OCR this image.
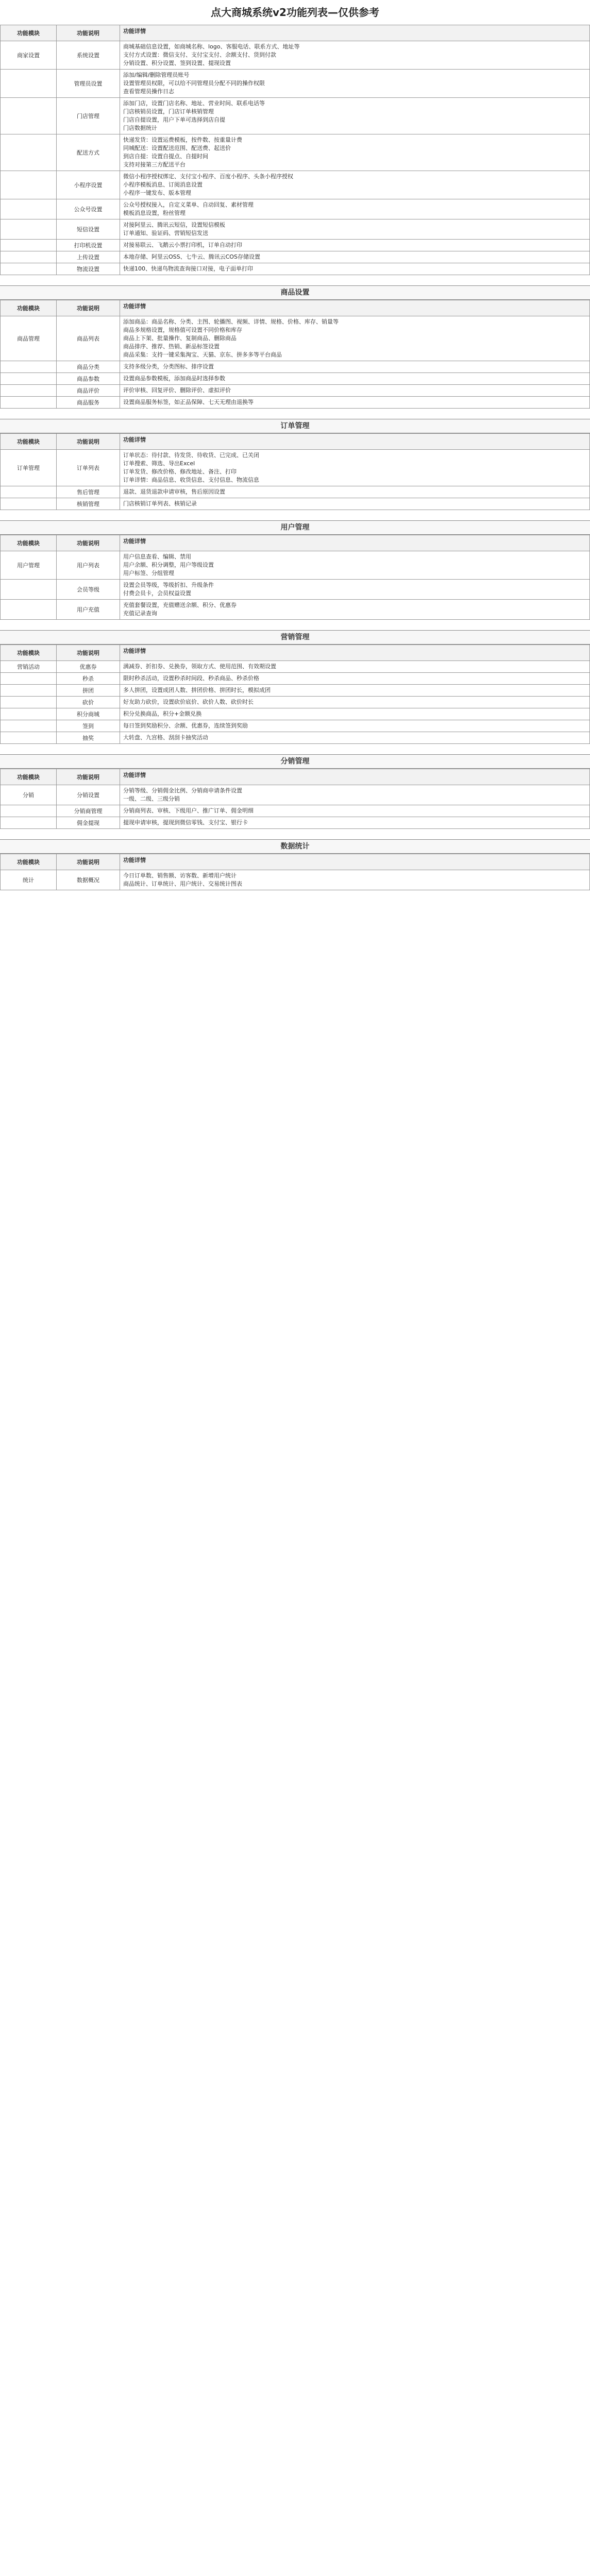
点大商城系统v2功能列表—仅供参考
功能模块	功能说明	功能详情
商家设置	系统设置	商城基础信息设置，如商城名称、logo、客服电话、联系方式、地址等
支付方式设置：微信支付、支付宝支付、余额支付、货到付款
分销设置、积分设置、签到设置、提现设置

	管理员设置	添加/编辑/删除管理员账号
设置管理员权限，可以给不同管理员分配不同的操作权限
查看管理员操作日志

	门店管理	添加门店，设置门店名称、地址、营业时间、联系电话等
门店核销员设置，门店订单核销管理
门店自提设置，用户下单可选择到店自提
门店数据统计

	配送方式	快递发货：设置运费模板，按件数、按重量计费
同城配送：设置配送范围、配送费、起送价
到店自提：设置自提点、自提时间
支持对接第三方配送平台

	小程序设置	微信小程序授权绑定、支付宝小程序、百度小程序、头条小程序授权
小程序模板消息、订阅消息设置
小程序一键发布、版本管理

	公众号设置	公众号授权接入，自定义菜单、自动回复、素材管理
模板消息设置，粉丝管理

	短信设置	对接阿里云、腾讯云短信，设置短信模板
订单通知、验证码、营销短信发送

	打印机设置	对接易联云、飞鹅云小票打印机，订单自动打印

	上传设置	本地存储、阿里云OSS、七牛云、腾讯云COS存储设置

	物流设置	快递100、快递鸟物流查询接口对接，电子面单打印
商品设置
功能模块	功能说明	功能详情
商品管理	商品列表	添加商品：商品名称、分类、主图、轮播图、视频、详情、规格、价格、库存、销量等
商品多规格设置，规格值可设置不同价格和库存
商品上下架、批量操作、复制商品、删除商品
商品排序、推荐、热销、新品标签设置
商品采集：支持一键采集淘宝、天猫、京东、拼多多等平台商品

	商品分类	支持多级分类，分类图标、排序设置

	商品参数	设置商品参数模板，添加商品时选择参数

	商品评价	评价审核、回复评价、删除评价、虚拟评价

	商品服务	设置商品服务标签，如正品保障、七天无理由退换等
订单管理
功能模块	功能说明	功能详情
订单管理	订单列表	订单状态：待付款、待发货、待收货、已完成、已关闭
订单搜索、筛选、导出Excel
订单发货、修改价格、修改地址、备注、打印
订单详情：商品信息、收货信息、支付信息、物流信息

	售后管理	退款、退货退款申请审核，售后原因设置

	核销管理	门店核销订单列表、核销记录
用户管理
功能模块	功能说明	功能详情
用户管理	用户列表	用户信息查看、编辑、禁用
用户余额、积分调整，用户等级设置
用户标签、分组管理

	会员等级	设置会员等级，等级折扣、升级条件
付费会员卡，会员权益设置

	用户充值	充值套餐设置，充值赠送余额、积分、优惠券
充值记录查询
营销管理
功能模块	功能说明	功能详情
营销活动	优惠券	满减券、折扣券、兑换券，领取方式、使用范围、有效期设置

	秒杀	限时秒杀活动，设置秒杀时间段、秒杀商品、秒杀价格

	拼团	多人拼团，设置成团人数、拼团价格、拼团时长，模拟成团

	砍价	好友助力砍价，设置砍价底价、砍价人数、砍价时长

	积分商城	积分兑换商品，积分+金额兑换

	签到	每日签到奖励积分、余额、优惠券，连续签到奖励

	抽奖	大转盘、九宫格、刮刮卡抽奖活动
分销管理
功能模块	功能说明	功能详情
分销	分销设置	分销等级、分销佣金比例、分销商申请条件设置
一级、二级、三级分销

	分销商管理	分销商列表、审核、下级用户、推广订单、佣金明细

	佣金提现	提现申请审核，提现到微信零钱、支付宝、银行卡
数据统计
功能模块	功能说明	功能详情
统计	数据概况	今日订单数、销售额、访客数、新增用户统计
商品统计、订单统计、用户统计、交易统计图表
